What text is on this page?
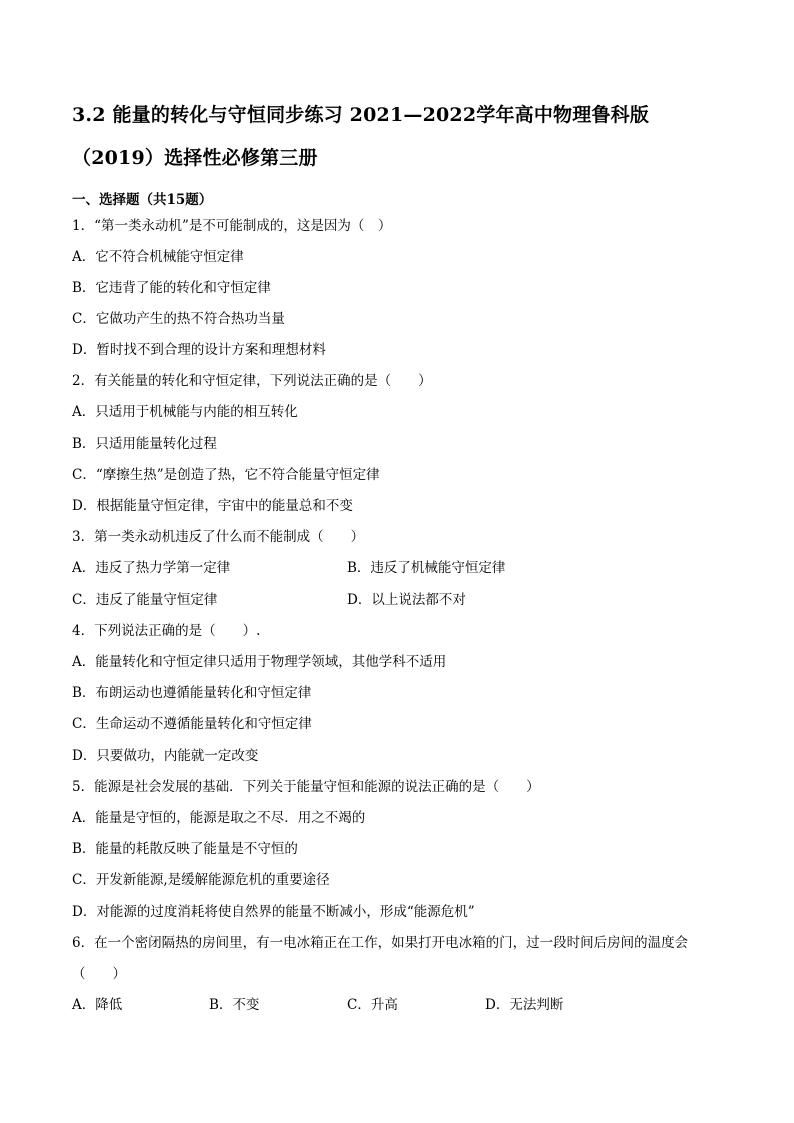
3.2 能量的转化与守恒同步练习 2021—2022学年高中物理鲁科版
（2019）选择性必修第三册
一、选择题（共15题）
1．“第一类永动机”是不可能制成的，这是因为（　）
A．它不符合机械能守恒定律
B．它违背了能的转化和守恒定律
C．它做功产生的热不符合热功当量
D．暂时找不到合理的设计方案和理想材料
2．有关能量的转化和守恒定律，下列说法正确的是（　　）
A．只适用于机械能与内能的相互转化
B．只适用能量转化过程
C．“摩擦生热”是创造了热，它不符合能量守恒定律
D．根据能量守恒定律，宇宙中的能量总和不变
3．第一类永动机违反了什么而不能制成（　　）
A．违反了热力学第一定律	B．违反了机械能守恒定律
C．违反了能量守恒定律	D．以上说法都不对
4．下列说法正确的是（　　）.
A．能量转化和守恒定律只适用于物理学领域，其他学科不适用
B．布朗运动也遵循能量转化和守恒定律
C．生命运动不遵循能量转化和守恒定律
D．只要做功，内能就一定改变
5．能源是社会发展的基础．下列关于能量守恒和能源的说法正确的是（　　）
A．能量是守恒的，能源是取之不尽．用之不竭的
B．能量的耗散反映了能量是不守恒的
C．开发新能源,是缓解能源危机的重要途径
D．对能源的过度消耗将使自然界的能量不断减小，形成“能源危机”
6．在一个密闭隔热的房间里，有一电冰箱正在工作，如果打开电冰箱的门，过一段时间后房间的温度会
（　　）
A．降低	B．不变	C．升高	D．无法判断
